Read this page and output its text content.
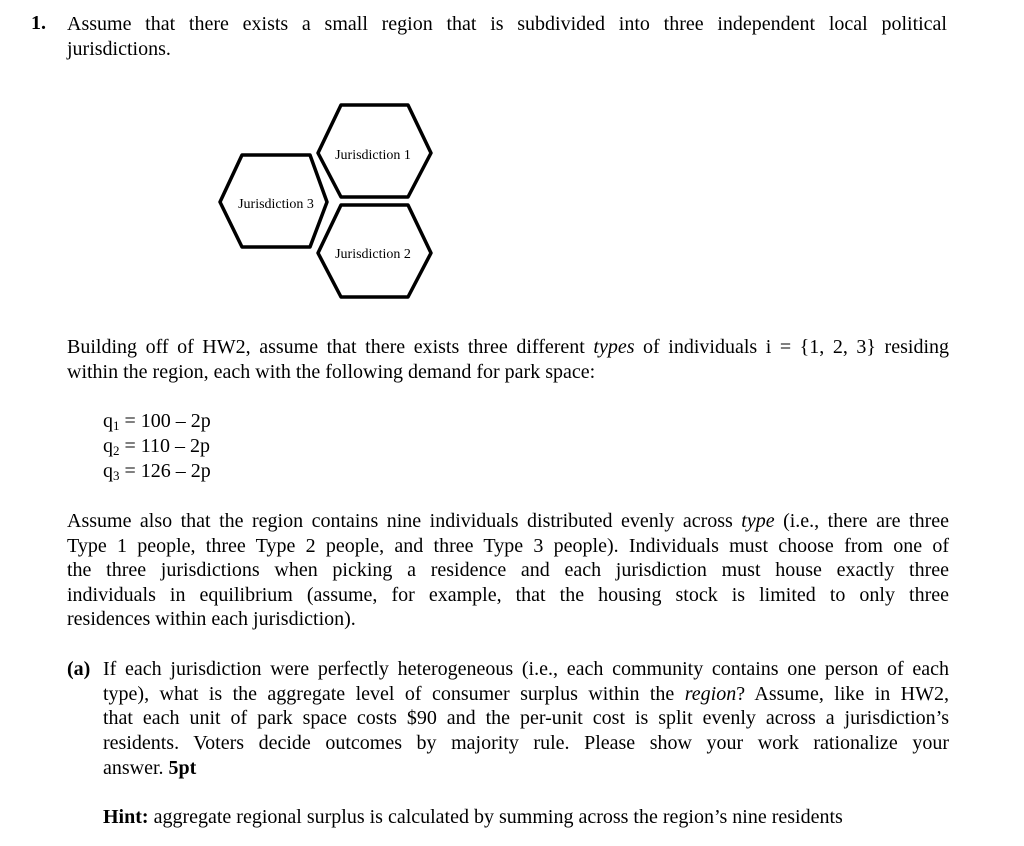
1. Assume that there exists a small region that is subdivided into three independent local political
jurisdictions.
Jurisdiction 1
Jurisdiction 3
Jurisdiction 2
Building off of HW2, assume that there exists three different types of individuals i = {1, 2, 3} residing
within the region, each with the following demand for park space:
$q_1 = 100 - 2p$
$q_2 = 110 - 2p$
$q_3 = 126 - 2p$
Assume also that the region contains nine individuals distributed evenly across type (i.e., there are three
Type 1 people, three Type 2 people, and three Type 3 people). Individuals must choose from one of
the three jurisdictions when picking a residence and each jurisdiction must house exactly three
individuals in equilibrium (assume, for example, that the housing stock is limited to only three
residences within each jurisdiction).
(a) If each jurisdiction were perfectly heterogeneous (i.e., each community contains one person of each
type), what is the aggregate level of consumer surplus within the region? Assume, like in HW2,
that each unit of park space costs $90 and the per-unit cost is split evenly across a jurisdiction’s
residents. Voters decide outcomes by majority rule. Please show your work rationalize your
answer. 5pt
Hint: aggregate regional surplus is calculated by summing across the region’s nine residents
